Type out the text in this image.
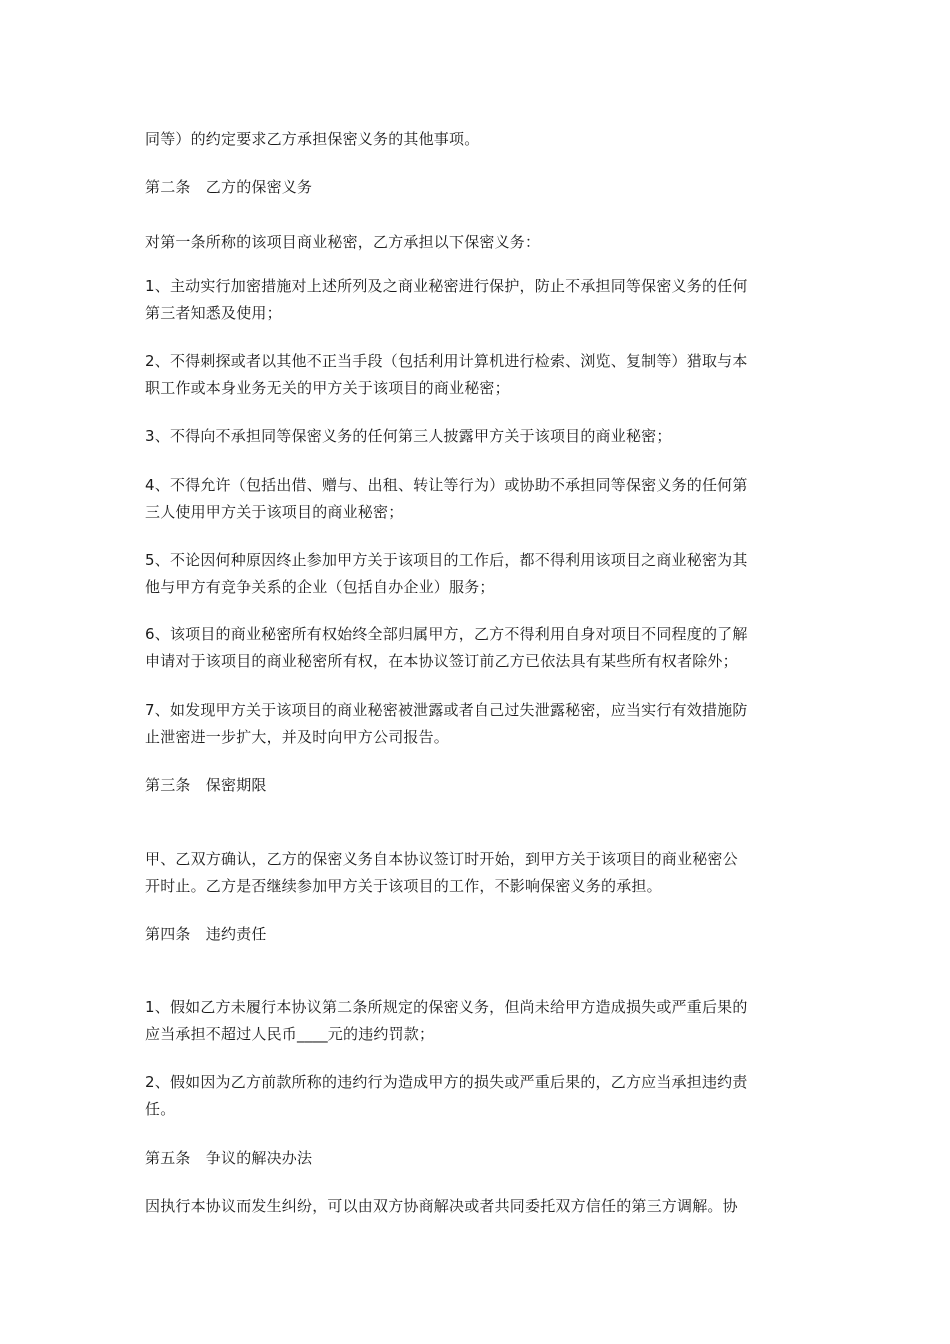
同等）的约定要求乙方承担保密义务的其他事项。
第二条　乙方的保密义务
对第一条所称的该项目商业秘密，乙方承担以下保密义务：
1、主动实行加密措施对上述所列及之商业秘密进行保护，防止不承担同等保密义务的任何
第三者知悉及使用；
2、不得刺探或者以其他不正当手段（包括利用计算机进行检索、浏览、复制等）猎取与本
职工作或本身业务无关的甲方关于该项目的商业秘密；
3、不得向不承担同等保密义务的任何第三人披露甲方关于该项目的商业秘密；
4、不得允许（包括出借、赠与、出租、转让等行为）或协助不承担同等保密义务的任何第
三人使用甲方关于该项目的商业秘密；
5、不论因何种原因终止参加甲方关于该项目的工作后，都不得利用该项目之商业秘密为其
他与甲方有竞争关系的企业（包括自办企业）服务；
6、该项目的商业秘密所有权始终全部归属甲方，乙方不得利用自身对项目不同程度的了解
申请对于该项目的商业秘密所有权，在本协议签订前乙方已依法具有某些所有权者除外；
7、如发现甲方关于该项目的商业秘密被泄露或者自己过失泄露秘密，应当实行有效措施防
止泄密进一步扩大，并及时向甲方公司报告。
第三条　保密期限
甲、乙双方确认，乙方的保密义务自本协议签订时开始，到甲方关于该项目的商业秘密公
开时止。乙方是否继续参加甲方关于该项目的工作，不影响保密义务的承担。
第四条　违约责任
1、假如乙方未履行本协议第二条所规定的保密义务，但尚未给甲方造成损失或严重后果的
应当承担不超过人民币____元的违约罚款；
2、假如因为乙方前款所称的违约行为造成甲方的损失或严重后果的，乙方应当承担违约责
任。
第五条　争议的解决办法
因执行本协议而发生纠纷，可以由双方协商解决或者共同委托双方信任的第三方调解。协
